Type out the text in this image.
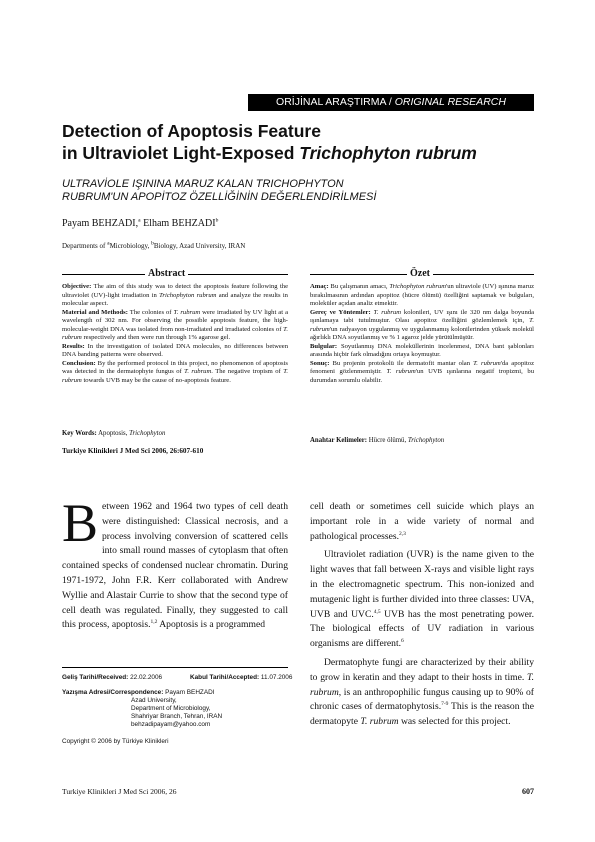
ORİJİNAL ARAŞTIRMA / ORIGINAL RESEARCH
Detection of Apoptosis Feature
in Ultraviolet Light-Exposed Trichophyton rubrum
ULTRAVİOLE IŞININA MARUZ KALAN TRICHOPHYTON
RUBRUM'UN APOPİTOZ ÖZELLİĞİNİN DEĞERLENDİRİLMESİ
Payam BEHZADI,$^a$ Elham BEHZADI$^b$
Departments of $^a$Microbiology, $^b$Biology, Azad University, IRAN
Abstract	Özet
Objective: The aim of this study was to detect the apoptosis feature following the ultraviolet (UV)-light irradiation in Trichophyton rubrum and analyze the results in molecular aspect.
Material and Methods: The colonies of T. rubrum were irradiated by UV light at a wavelength of 302 nm. For observing the possible apoptosis feature, the high-molecular-weight DNA was isolated from non-irradiated and irradiated colonies of T. rubrum respectively and then were run through 1% agarose gel.
Results: In the investigation of isolated DNA molecules, no differences between DNA banding patterns were observed.
Conclusion: By the performed protocol in this project, no phenomenon of apoptosis was detected in the dermatophyte fungus of T. rubrum. The negative tropism of T. rubrum towards UVB may be the cause of no-apoptosis feature.
Key Words: Apoptosis, Trichophyton
Turkiye Klinikleri J Med Sci 2006, 26:607-610
Amaç: Bu çalışmanın amacı, Trichophyton rubrum'un ultraviole (UV) ışınına maruz bırakılmasının ardından apopitoz (hücre ölümü) özelliğini saptamak ve bulguları, moleküler açıdan analiz etmektir.
Gereç ve Yöntemler: T. rubrum kolonileri, UV ışını ile 320 nm dalga boyunda ışınlamaya tabi tutulmuştur. Olası apopitoz özelliğini gözlemlemek için, T. rubrum'un radyasyon uygulanmış ve uygulanmamış kolonilerinden yüksek molekül ağırlıklı DNA soyutlanmış ve % 1 agaroz jelde yürütülmüştür.
Bulgular: Soyutlanmış DNA moleküllerinin incelenmesi, DNA bant şablonları arasında hiçbir fark olmadığını ortaya koymuştur.
Sonuç: Bu projenin protokolü ile dermatofit mantar olan T. rubrum'da apopitoz fenomeni gözlenmemiştir. T. rubrum'un UVB ışınlarına negatif tropizmi, bu durumdan sorumlu olabilir.
Anahtar Kelimeler: Hücre ölümü, Trichophyton
B etween 1962 and 1964 two types of cell death were distinguished: Classical necrosis, and a process involving conversion of scattered cells into small round masses of cytoplasm that often contained specks of condensed nuclear chromatin. During 1971-1972, John F.R. Kerr collaborated with Andrew Wyllie and Alastair Currie to show that the second type of cell death was regulated. Finally, they suggested to call this process, apoptosis.$^{1,2}$ Apoptosis is a programmed

cell death or sometimes cell suicide which plays an important role in a wide variety of normal and pathological processes.$^{2,3}$

Ultraviolet radiation (UVR) is the name given to the light waves that fall between X-rays and visible light rays in the electromagnetic spectrum. This non-ionized and mutagenic light is further divided into three classes: UVA, UVB and UVC.$^{4,5}$ UVB has the most penetrating power. The biological effects of UV radiation in various organisms are different.$^6$

Dermatophyte fungi are characterized by their ability to grow in keratin and they adapt to their hosts in time. T. rubrum, is an anthropophilic fungus causing up to 90% of chronic cases of dermatophytosis.$^{7-9}$ This is the reason the dermatopyte T. rubrum was selected for this project.

Geliş Tarihi/Received: 22.02.2006	Kabul Tarihi/Accepted: 11.07.2006
Yazışma Adresi/Correspondence: Payam BEHZADI
Azad University,
Department of Microbiology,
Shahriyar Branch, Tehran, IRAN
behzadipayam@yahoo.com
Copyright © 2006 by Türkiye Klinikleri
Turkiye Klinikleri J Med Sci 2006, 26	607
